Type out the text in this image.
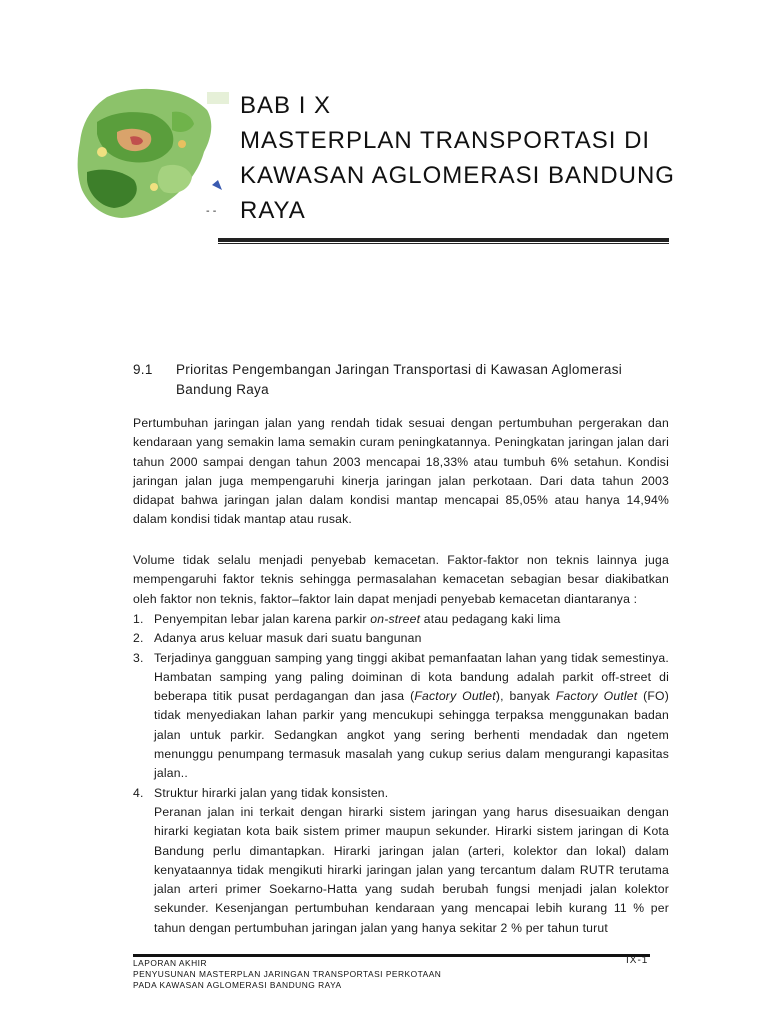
- -
BAB I X
MASTERPLAN TRANSPORTASI DI
KAWASAN AGLOMERASI BANDUNG
RAYA
9.1 Prioritas Pengembangan Jaringan Transportasi di Kawasan Aglomerasi Bandung Raya
Pertumbuhan jaringan jalan yang rendah tidak sesuai dengan pertumbuhan pergerakan dan kendaraan yang semakin lama semakin curam peningkatannya. Peningkatan jaringan jalan dari tahun 2000 sampai dengan tahun 2003 mencapai 18,33% atau tumbuh 6% setahun. Kondisi jaringan jalan juga mempengaruhi kinerja jaringan jalan perkotaan. Dari data tahun 2003 didapat bahwa jaringan jalan dalam kondisi mantap mencapai 85,05% atau hanya 14,94% dalam kondisi tidak mantap atau rusak.
Volume tidak selalu menjadi penyebab kemacetan. Faktor-faktor non teknis lainnya juga mempengaruhi faktor teknis sehingga permasalahan kemacetan sebagian besar diakibatkan oleh faktor non teknis, faktor–faktor lain dapat menjadi penyebab kemacetan diantaranya :
1. Penyempitan lebar jalan karena parkir on-street atau pedagang kaki lima
2. Adanya arus keluar masuk dari suatu bangunan
3. Terjadinya gangguan samping yang tinggi akibat pemanfaatan lahan yang tidak semestinya. Hambatan samping yang paling doiminan di kota bandung adalah parkit off-street di beberapa titik pusat perdagangan dan jasa (Factory Outlet), banyak Factory Outlet (FO) tidak menyediakan lahan parkir yang mencukupi sehingga terpaksa menggunakan badan jalan untuk parkir. Sedangkan angkot yang sering berhenti mendadak dan ngetem menunggu penumpang termasuk masalah yang cukup serius dalam mengurangi kapasitas jalan..
4. Struktur hirarki jalan yang tidak konsisten.
Peranan jalan ini terkait dengan hirarki sistem jaringan yang harus disesuaikan dengan hirarki kegiatan kota baik sistem primer maupun sekunder. Hirarki sistem jaringan di Kota Bandung perlu dimantapkan. Hirarki jaringan jalan (arteri, kolektor dan lokal) dalam kenyataannya tidak mengikuti hirarki jaringan jalan yang tercantum dalam RUTR terutama jalan arteri primer Soekarno-Hatta yang sudah berubah fungsi menjadi jalan kolektor sekunder. Kesenjangan pertumbuhan kendaraan yang mencapai lebih kurang 11 % per tahun dengan pertumbuhan jaringan jalan yang hanya sekitar 2 % per tahun turut
IX-1
LAPORAN AKHIR
PENYUSUNAN MASTERPLAN JARINGAN TRANSPORTASI PERKOTAAN
PADA KAWASAN AGLOMERASI BANDUNG RAYA
